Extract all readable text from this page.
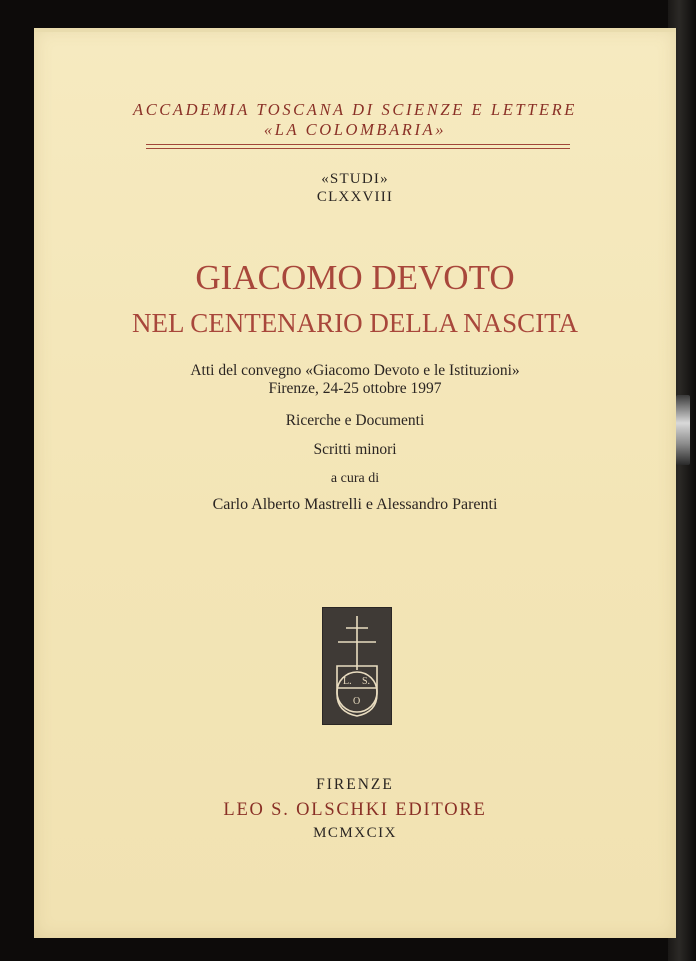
ACCADEMIA TOSCANA DI SCIENZE E LETTERE
«LA COLOMBARIA»
«STUDI»
CLXXVIII
GIACOMO DEVOTO
NEL CENTENARIO DELLA NASCITA
Atti del convegno «Giacomo Devoto e le Istituzioni»
Firenze, 24-25 ottobre 1997
Ricerche e Documenti
Scritti minori
a cura di
Carlo Alberto Mastrelli e Alessandro Parenti
L. S.
O
FIRENZE
LEO S. OLSCHKI EDITORE
MCMXCIX
